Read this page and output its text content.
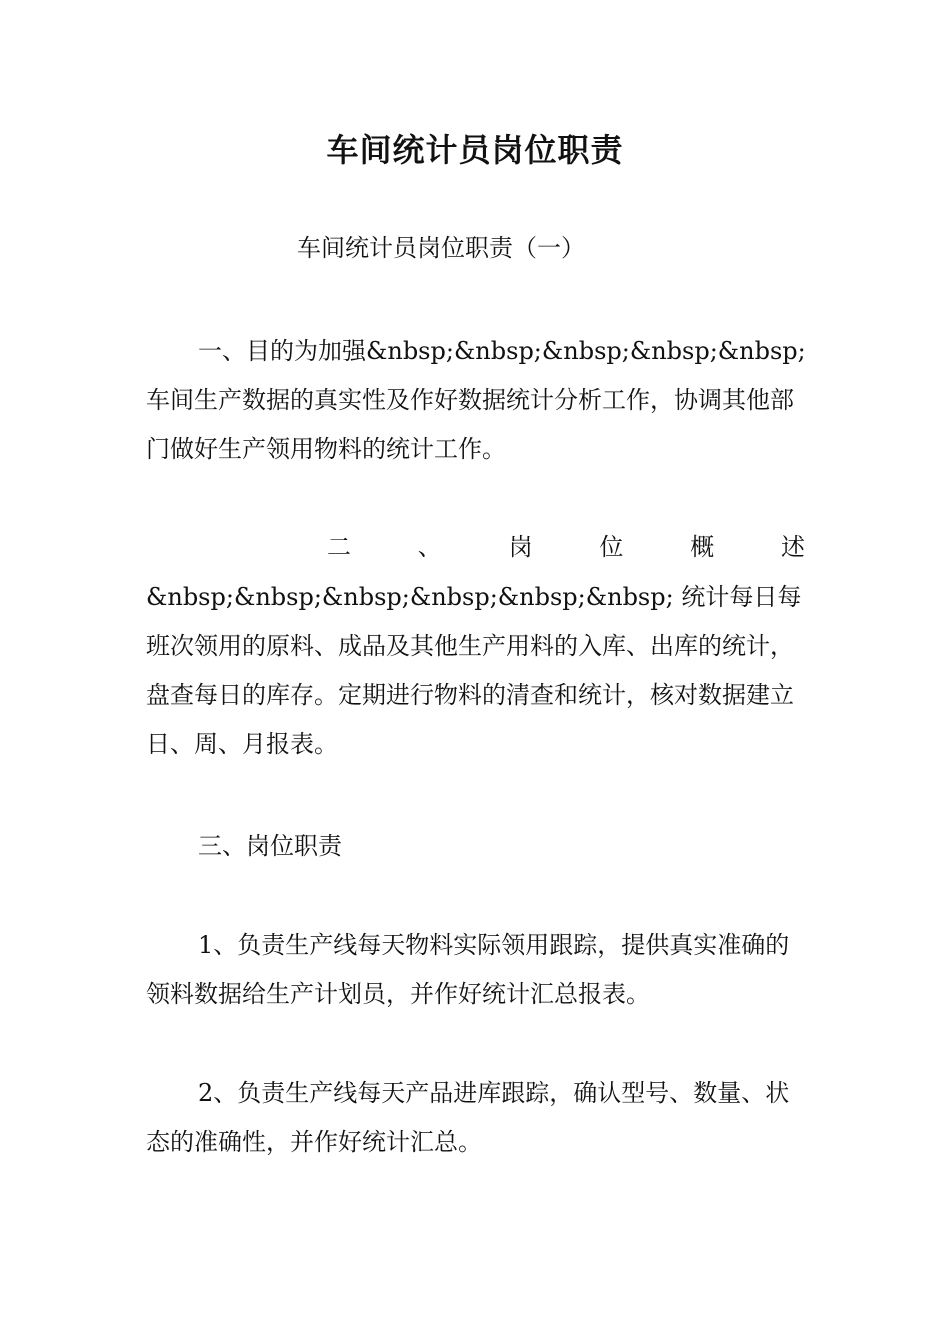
车间统计员岗位职责

车间统计员岗位职责（一）

一、目的为加强&nbsp;&nbsp;&nbsp;&nbsp;&nbsp; 车间生产数据的真实性及作好数据统计分析工作，协调其他部门做好生产领用物料的统计工作。

二	、	岗	位	概	述

&nbsp;&nbsp;&nbsp;&nbsp;&nbsp;&nbsp; 统计每日每班次领用的原料、成品及其他生产用料的入库、出库的统计，盘查每日的库存。定期进行物料的清查和统计，核对数据建立日、周、月报表。

三、岗位职责

1、负责生产线每天物料实际领用跟踪，提供真实准确的领料数据给生产计划员，并作好统计汇总报表。

2、负责生产线每天产品进库跟踪，确认型号、数量、状态的准确性，并作好统计汇总。
